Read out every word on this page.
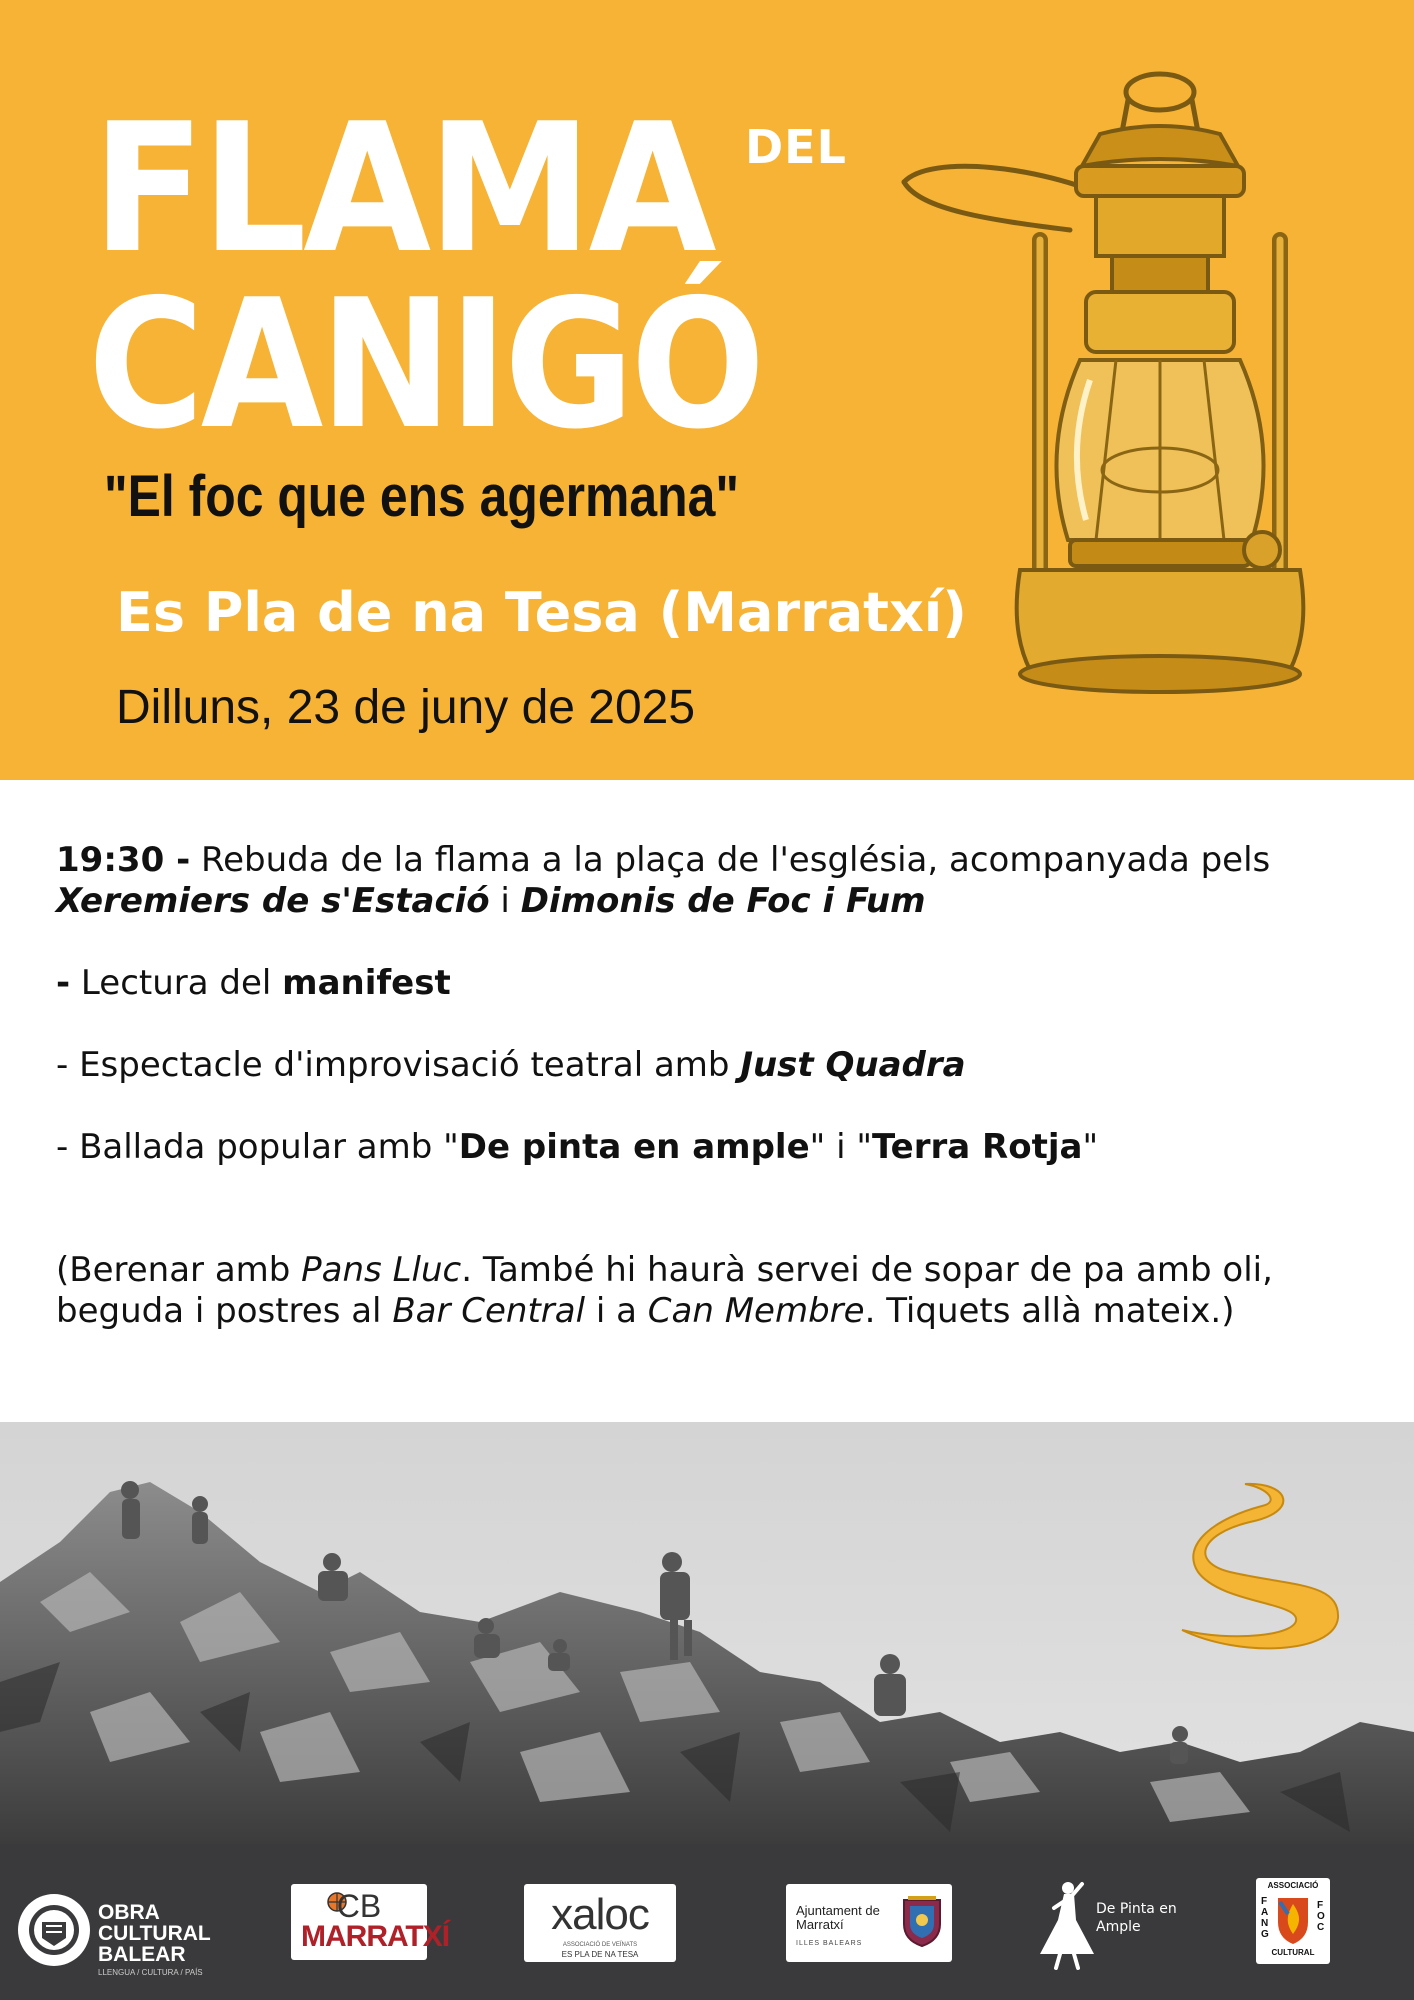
FLAMA DEL
CANIGÓ
"El foc que ens agermana"
Es Pla de na Tesa (Marratxí)
Dilluns, 23 de juny de 2025

19:30 - Rebuda de la flama a la plaça de l'església, acompanyada pels Xeremiers de s'Estació i Dimonis de Foc i Fum

- Lectura del manifest

- Espectacle d'improvisació teatral amb Just Quadra

- Ballada popular amb "De pinta en ample" i "Terra Rotja"

(Berenar amb Pans Lluc. També hi haurà servei de sopar de pa amb oli, beguda i postres al Bar Central i a Can Membre. Tiquets allà mateix.)

OBRA CULTURAL BALEAR
LLENGUA / CULTURA / PAÍS
CB
MARRATXÍ	xaloc
ASSOCIACIÓ DE VEÏNATS
ES PLA DE NA TESA
Ajuntament de Marratxí
ILLES BALEARS
De Pinta en Ample
ASSOCIACIÓ
FANG
FOC
CULTURAL
